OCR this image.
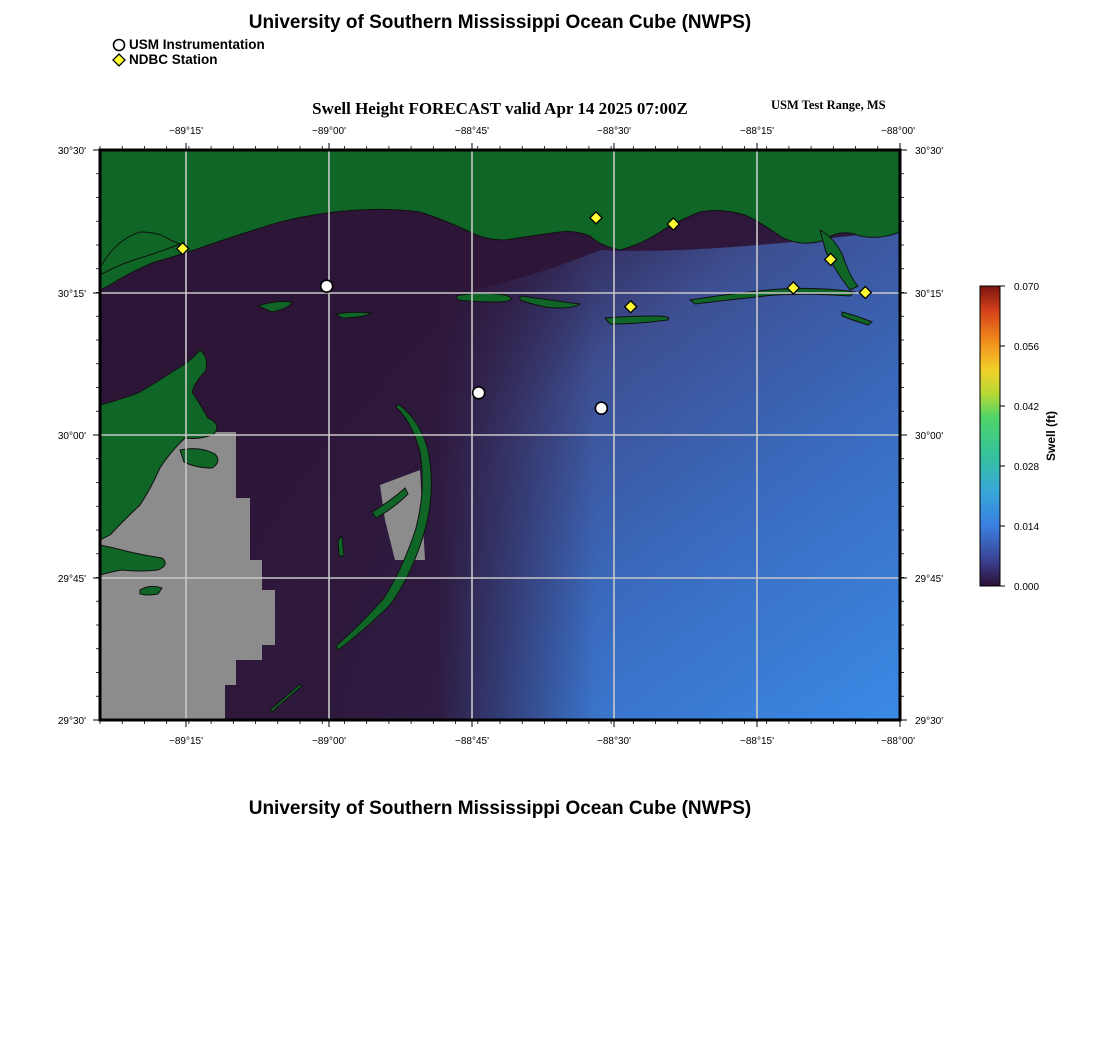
University of Southern Mississippi Ocean Cube (NWPS)
USM Instrumentation
NDBC Station
Swell Height FORECAST valid Apr 14 2025 07:00Z	USM Test Range, MS
−89°15'	−89°00'	−88°45'	−88°30'	−88°15'	−88°00'
−89°15'	−89°00'	−88°45'	−88°30'	−88°15'	−88°00'
30°30'
30°15'
30°00'
29°45'
29°30'
30°30'
30°15'
30°00'
29°45'
29°30'
0.070
0.056
0.042
0.028
0.014
0.000
Swell (ft)
University of Southern Mississippi Ocean Cube (NWPS)
